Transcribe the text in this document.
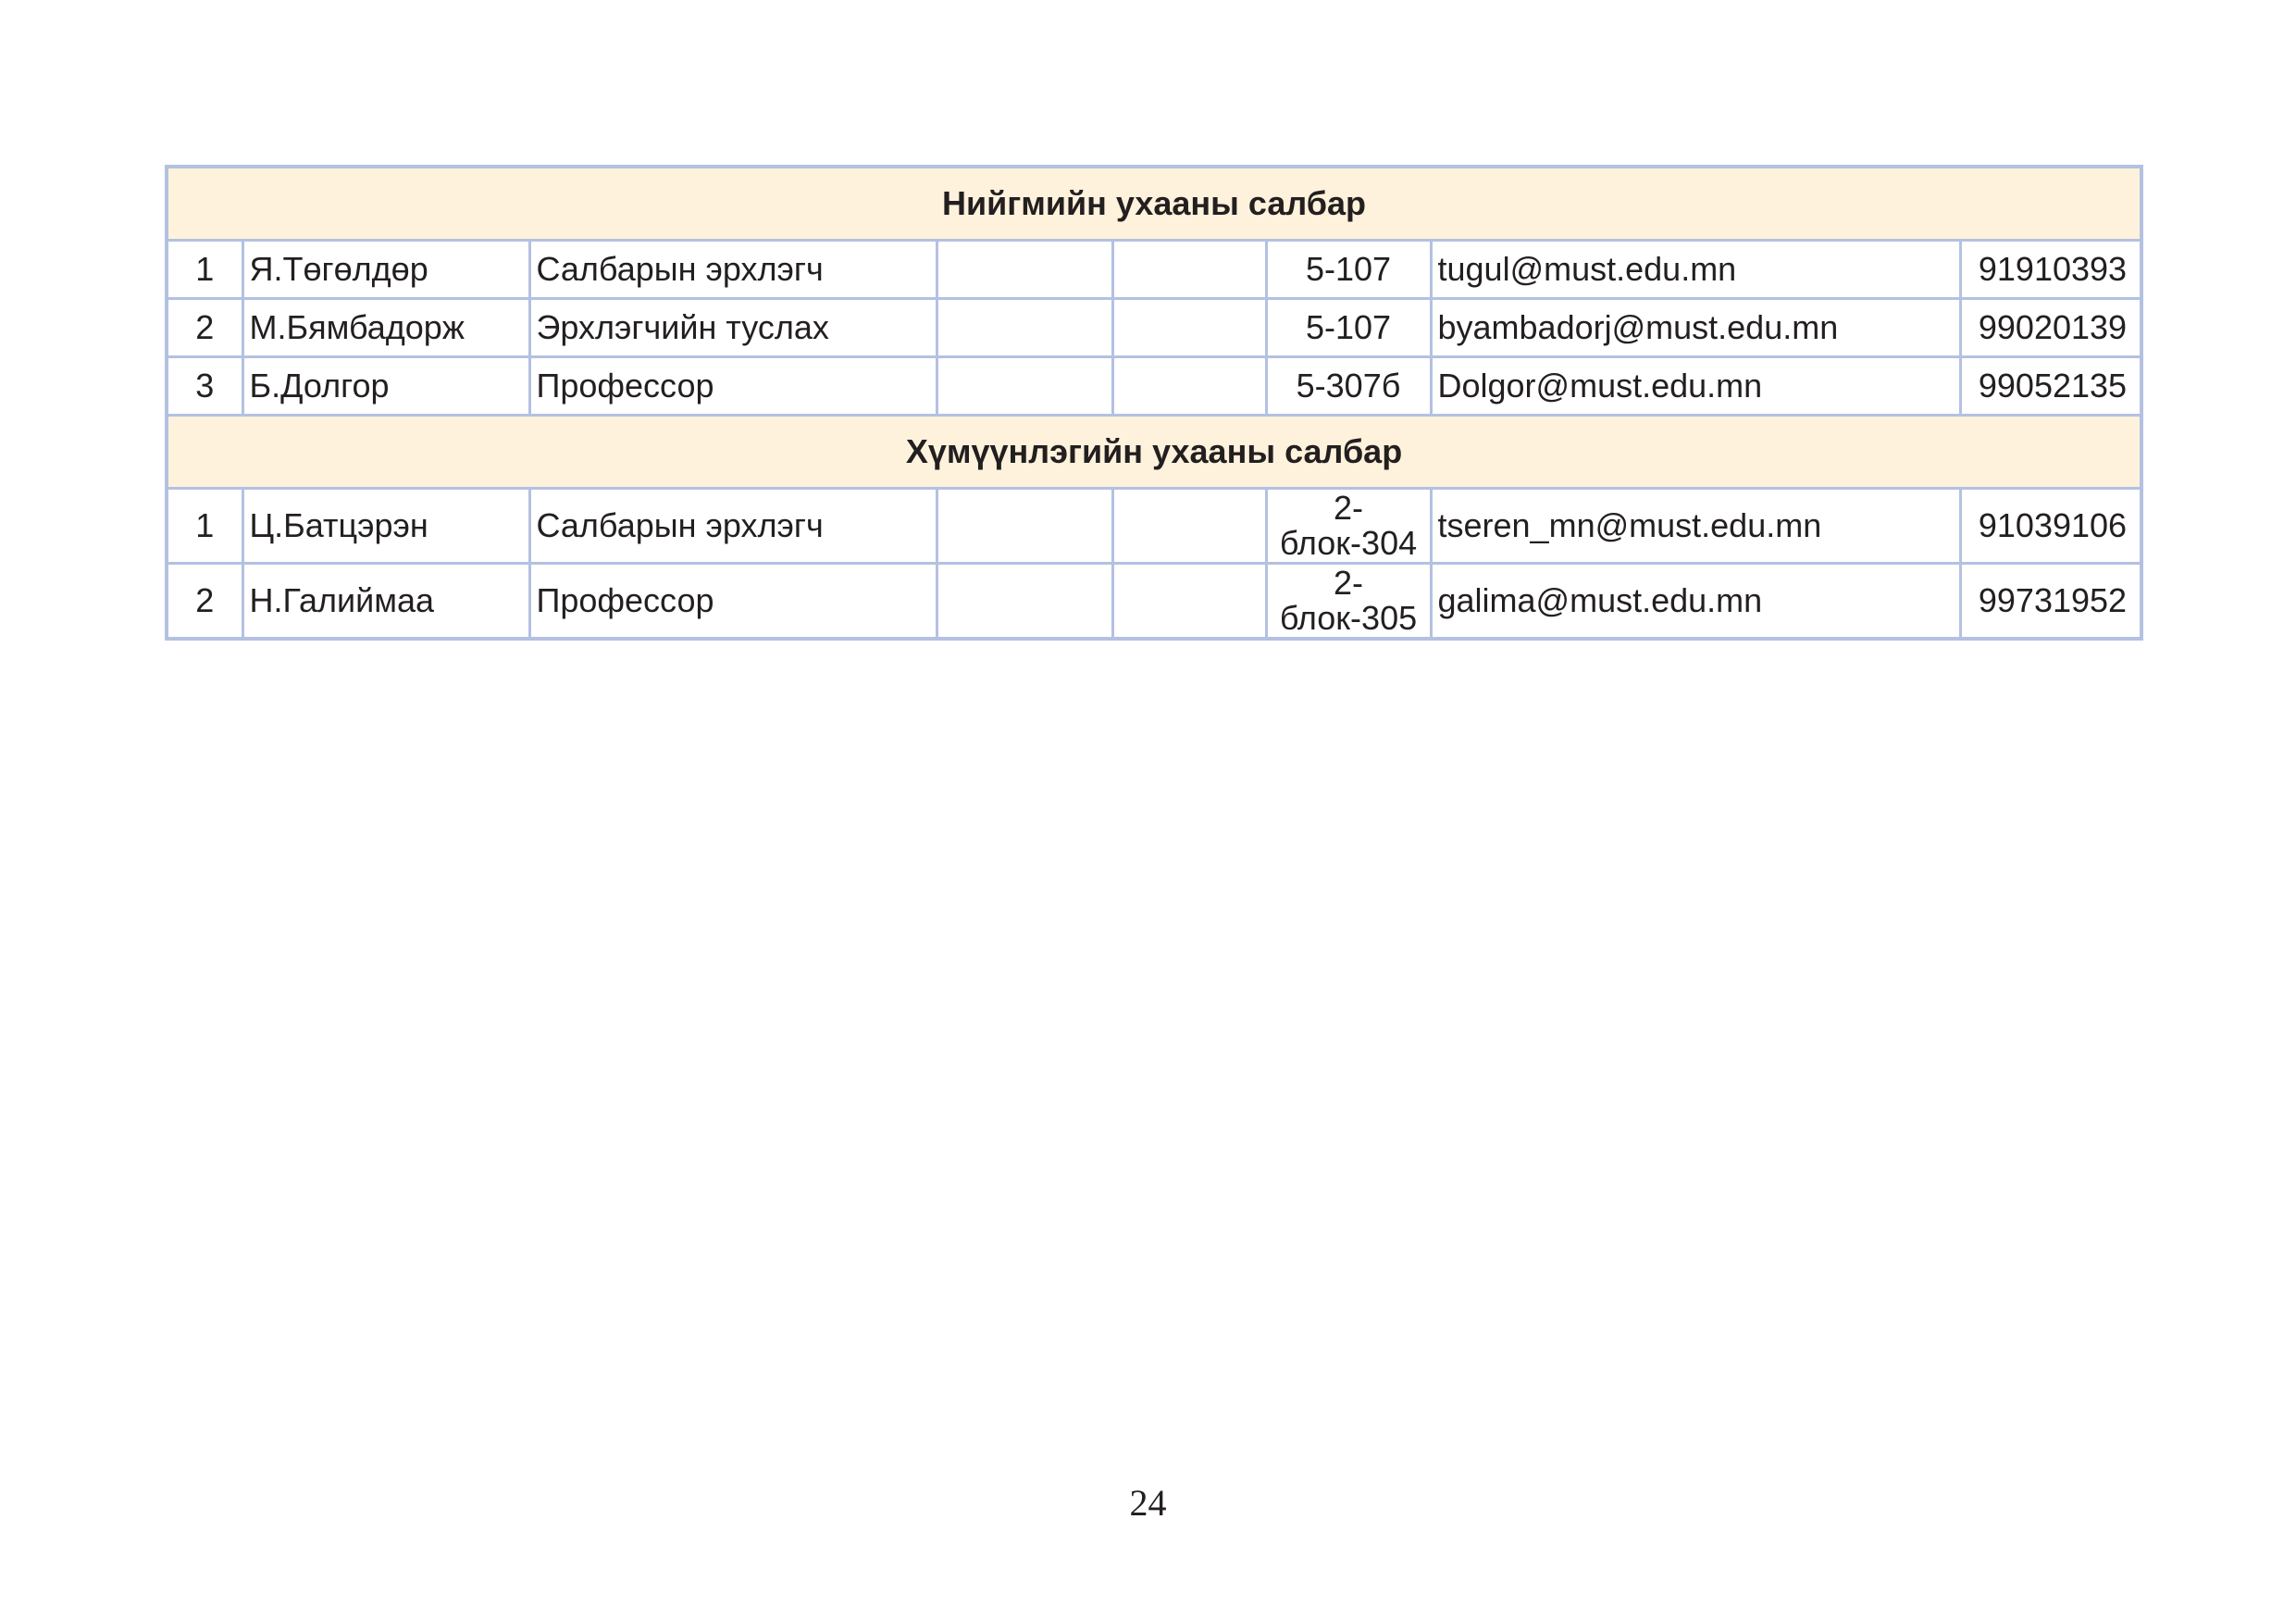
Нийгмийн ухааны салбар							
1	Я.Төгөлдөр	Салбарын эрхлэгч			5-107	tugul@must.edu.mn	91910393
2	М.Бямбадорж	Эрхлэгчийн туслах			5-107	byambadorj@must.edu.mn	99020139
3	Б.Долгор	Профессор			5-307б	Dolgor@must.edu.mn	99052135
Хүмүүнлэгийн ухааны салбар							
1	Ц.Батцэрэн	Салбарын эрхлэгч			2-блок-304	tseren_mn@must.edu.mn	91039106
2	Н.Галиймаа	Профессор			2-блок-305	galima@must.edu.mn	99731952
24
